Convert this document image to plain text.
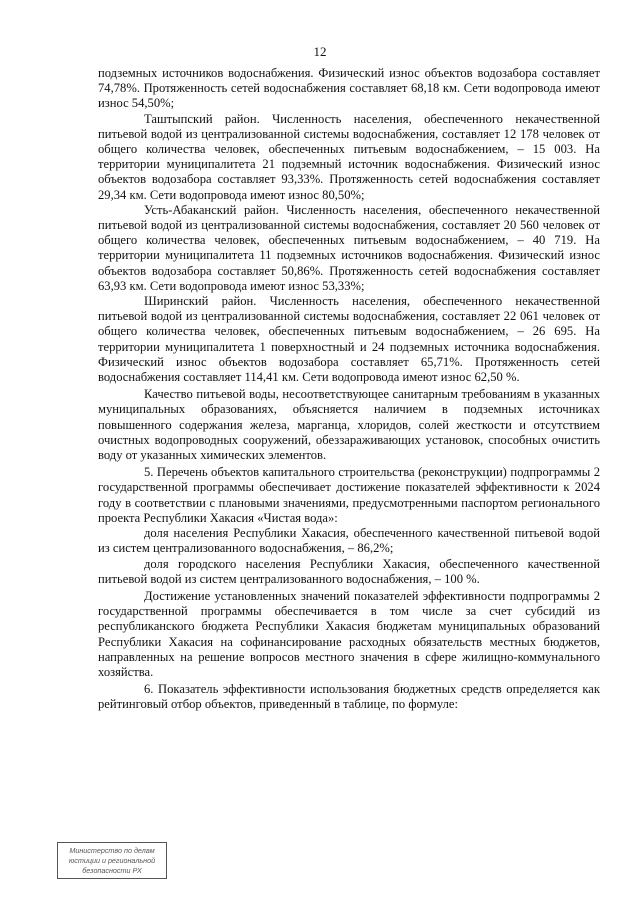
12

подземных источников водоснабжения. Физический износ объектов водозабора составляет 74,78%. Протяженность сетей водоснабжения составляет 68,18 км. Сети водопровода имеют износ 54,50%;

Таштыпский район. Численность населения, обеспеченного некачественной питьевой водой из централизованной системы водоснабжения, составляет 12 178 человек от общего количества человек, обеспеченных питьевым водоснабжением, – 15 003. На территории муниципалитета 21 подземный источник водоснабжения. Физический износ объектов водозабора составляет 93,33%. Протяженность сетей водоснабжения составляет 29,34 км. Сети водопровода имеют износ 80,50%;

Усть-Абаканский район. Численность населения, обеспеченного некачественной питьевой водой из централизованной системы водоснабжения, составляет 20 560 человек от общего количества человек, обеспеченных питьевым водоснабжением, – 40 719. На территории муниципалитета 11 подземных источников водоснабжения. Физический износ объектов водозабора составляет 50,86%. Протяженность сетей водоснабжения составляет 63,93 км. Сети водопровода имеют износ 53,33%;

Ширинский район. Численность населения, обеспеченного некачественной питьевой водой из централизованной системы водоснабжения, составляет 22 061 человек от общего количества человек, обеспеченных питьевым водоснабжением, – 26 695. На территории муниципалитета 1 поверхностный и 24 подземных источника водоснабжения. Физический износ объектов водозабора составляет 65,71%. Протяженность сетей водоснабжения составляет 114,41 км. Сети водопровода имеют износ 62,50 %.

Качество питьевой воды, несоответствующее санитарным требованиям в указанных муниципальных образованиях, объясняется наличием в подземных источниках повышенного содержания железа, марганца, хлоридов, солей жесткости и отсутствием очистных водопроводных сооружений, обеззараживающих установок, способных очистить воду от указанных химических элементов.

5. Перечень объектов капитального строительства (реконструкции) подпрограммы 2 государственной программы обеспечивает достижение показателей эффективности к 2024 году в соответствии с плановыми значениями, предусмотренными паспортом регионального проекта Республики Хакасия «Чистая вода»:

доля населения Республики Хакасия, обеспеченного качественной питьевой водой из систем централизованного водоснабжения, – 86,2%;

доля городского населения Республики Хакасия, обеспеченного качественной питьевой водой из систем централизованного водоснабжения, – 100 %.

Достижение установленных значений показателей эффективности подпрограммы 2 государственной программы обеспечивается в том числе за счет субсидий из республиканского бюджета Республики Хакасия бюджетам муниципальных образований Республики Хакасия на софинансирование расходных обязательств местных бюджетов, направленных на решение вопросов местного значения в сфере жилищно-коммунального хозяйства.

6. Показатель эффективности использования бюджетных средств определяется как рейтинговый отбор объектов, приведенный в таблице, по формуле:

Министерство по делам
юстиции и региональной
безопасности РХ
